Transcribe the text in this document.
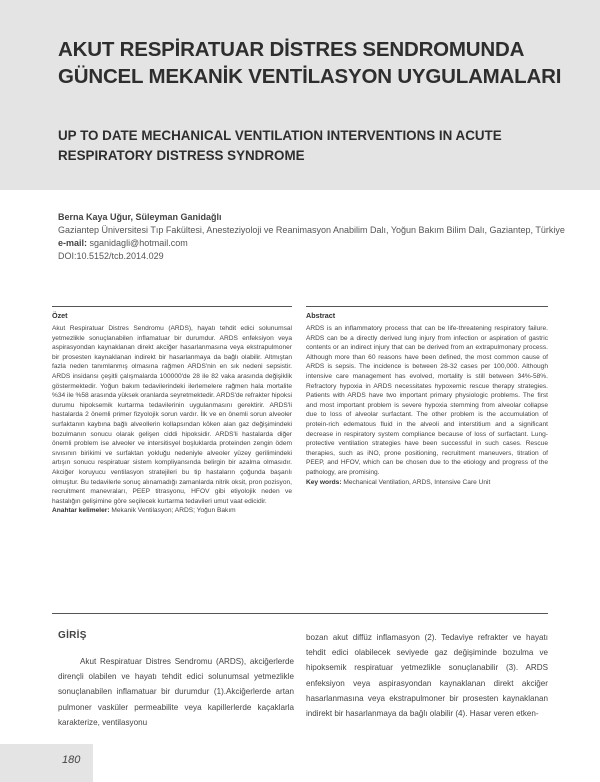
AKUT RESPİRATUAR DİSTRES SENDROMUNDA GÜNCEL MEKANİK VENTİLASYON UYGULAMALARI
UP TO DATE MECHANICAL VENTILATION INTERVENTIONS IN ACUTE RESPIRATORY DISTRESS SYNDROME
Berna Kaya Uğur, Süleyman Ganidağlı
Gaziantep Üniversitesi Tıp Fakültesi, Anesteziyoloji ve Reanimasyon Anabilim Dalı, Yoğun Bakım Bilim Dalı, Gaziantep, Türkiye
e-mail: sganidagli@hotmail.com
DOI:10.5152/tcb.2014.029
Özet

Akut Respiratuar Distres Sendromu (ARDS), hayatı tehdit edici solunumsal yetmezlikle sonuçlanabilen inflamatuar bir durumdur. ARDS enfeksiyon veya aspirasyondan kaynaklanan direkt akciğer hasarlanmasına veya ekstrapulmoner bir prosesten kaynaklanan indirekt bir hasarlanmaya da bağlı olabilir. Altmıştan fazla neden tanımlanmış olmasına rağmen ARDS'nin en sık nedeni sepsistir. ARDS insidansı çeşitli çalışmalarda 100000'de 28 ile 82 vaka arasında değişiklik göstermektedir. Yoğun bakım tedavilerindeki ilerlemelere rağmen hala mortalite %34 ile %58 arasında yüksek oranlarda seyretmektedir. ARDS'de refrakter hipoksi durumu hipoksemik kurtarma tedavilerinin uygulanmasını gerektirir. ARDS'li hastalarda 2 önemli primer fizyolojik sorun vardır. İlk ve en önemli sorun alveoler surfaktanın kaybına bağlı alveollerin kollapsından köken alan gaz değişimindeki bozulmanın sonucu olarak gelişen ciddi hipoksidir. ARDS'li hastalarda diğer önemli problem ise alveoler ve intersitisyel boşluklarda proteinden zengin ödem sıvısının birikimi ve surfaktan yokluğu nedeniyle alveoler yüzey gerilimindeki artışın sonucu respiratuar sistem kompliyansında belirgin bir azalma olmasıdır. Akciğer koruyucu ventilasyon stratejileri bu tip hastaların çoğunda başarılı olmuştur. Bu tedavilerle sonuç alınamadığı zamanlarda nitrik oksit, pron pozisyon, recruitment manevraları, PEEP titrasyonu, HFOV gibi etiyolojik neden ve hastalığın gelişimine göre seçilecek kurtarma tedavileri umut vaat edicidir.

Anahtar kelimeler: Mekanik Ventilasyon; ARDS; Yoğun Bakım

Abstract

ARDS is an inflammatory process that can be life-threatening respiratory failure. ARDS can be a directly derived lung injury from infection or aspiration of gastric contents or an indirect injury that can be derived from an extrapulmonary process. Although more than 60 reasons have been defined, the most common cause of ARDS is sepsis. The incidence is between 28-32 cases per 100,000. Although intensive care management has evolved, mortality is still between 34%-58%. Refractory hypoxia in ARDS necessitates hypoxemic rescue therapy strategies. Patients with ARDS have two important primary physiologic problems. The first and most important problem is severe hypoxia stemming from alveolar collapse due to loss of alveolar surfactant. The other problem is the accumulation of protein-rich edematous fluid in the alveoli and interstitium and a significant decrease in respiratory system compliance because of loss of surfactant. Lung-protective ventilation strategies have been successful in such cases. Rescue therapies, such as iNO, prone positioning, recruitment maneuvers, titration of PEEP, and HFOV, which can be chosen due to the etiology and progress of the pathology, are promising.

Key words: Mechanical Ventilation, ARDS, Intensive Care Unit

GİRİŞ

Akut Respiratuar Distres Sendromu (ARDS), akciğerlerde dirençli olabilen ve hayatı tehdit edici solunumsal yetmezlikle sonuçlanabilen inflamatuar bir durumdur (1).Akciğerlerde artan pulmoner vasküler permeabilite veya kapillerlerde kaçaklarla karakterize, ventilasyonu

bozan akut diffüz inflamasyon (2). Tedaviye refrakter ve hayatı tehdit edici olabilecek seviyede gaz değişiminde bozulma ve hipoksemik respiratuar yetmezlikle sonuçlanabilir (3). ARDS enfeksiyon veya aspirasyondan kaynaklanan direkt akciğer hasarlanmasına veya ekstrapulmoner bir prosesten kaynaklanan indirekt bir hasarlanmaya da bağlı olabilir (4). Hasar veren etken-

180
